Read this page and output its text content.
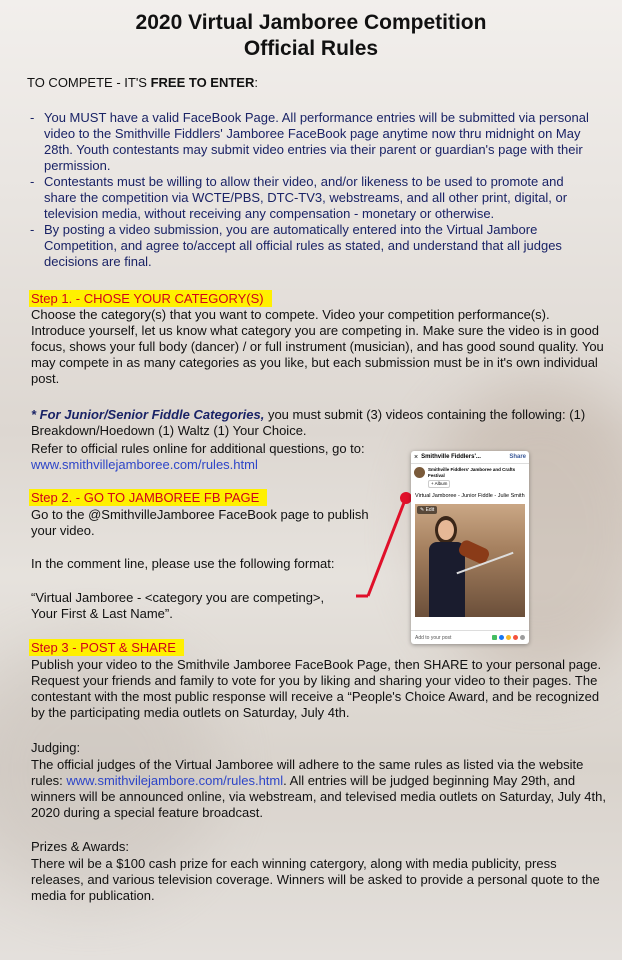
2020 Virtual Jamboree Competition
Official Rules
TO COMPETE - IT'S FREE TO ENTER:
- You MUST have a valid FaceBook Page. All performance entries will be submitted via personal video to the Smithville Fiddlers' Jamboree FaceBook page anytime now thru midnight on May 28th. Youth contestants may submit video entries via their parent or guardian's page with their permission.
- Contestants must be willing to allow their video, and/or likeness to be used to promote and share the competition via WCTE/PBS, DTC-TV3, webstreams, and all other print, digital, or television media, without receiving any compensation - monetary or otherwise.
- By posting a video submission, you are automatically entered into the Virtual Jambore Competition, and agree to/accept all official rules as stated, and understand that all judges decisions are final.
Step 1. - CHOSE YOUR CATEGORY(S)
Choose the category(s) that you want to compete. Video your competition performance(s). Introduce yourself, let us know what category you are competing in. Make sure the video is in good focus, shows your full body (dancer) / or full instrument (musician), and has good sound quality. You may compete in as many categories as you like, but each submission must be in it's own individual post.
* For Junior/Senior Fiddle Categories, you must submit (3) videos containing the following: (1) Breakdown/Hoedown (1) Waltz (1) Your Choice.
Refer to official rules online for additional questions, go to:
www.smithvillejamboree.com/rules.html
Step 2. - GO TO JAMBOREE FB PAGE
Go to the @SmithvilleJamboree FaceBook page to publish your video.
In the comment line, please use the following format:
“Virtual Jamboree - <category you are competing>,
Your First & Last Name”.
× Smithville Fiddlers'...	Share
Smithville Fiddlers' Jamboree and Crafts Festival
+ Album
Virtual Jamboree - Junior Fiddle - Julie Smith
✎ Edit
Add to your post
Step 3 - POST & SHARE
Publish your video to the Smithvile Jamboree FaceBook Page, then SHARE to your personal page. Request your friends and family to vote for you by liking and sharing your video to their pages. The contestant with the most public response will receive a “People's Choice Award, and be recognized by the participating media outlets on Saturday, July 4th.
Judging:
The official judges of the Virtual Jamboree will adhere to the same rules as listed via the website rules: www.smithvilejambore.com/rules.html. All entries will be judged beginning May 29th, and winners will be announced online, via webstream, and televised media outlets on Saturday, July 4th, 2020 during a special feature broadcast.
Prizes & Awards:
There wil be a $100 cash prize for each winning catergory, along with media publicity, press releases, and various television coverage. Winners will be asked to provide a personal quote to the media for publication.
